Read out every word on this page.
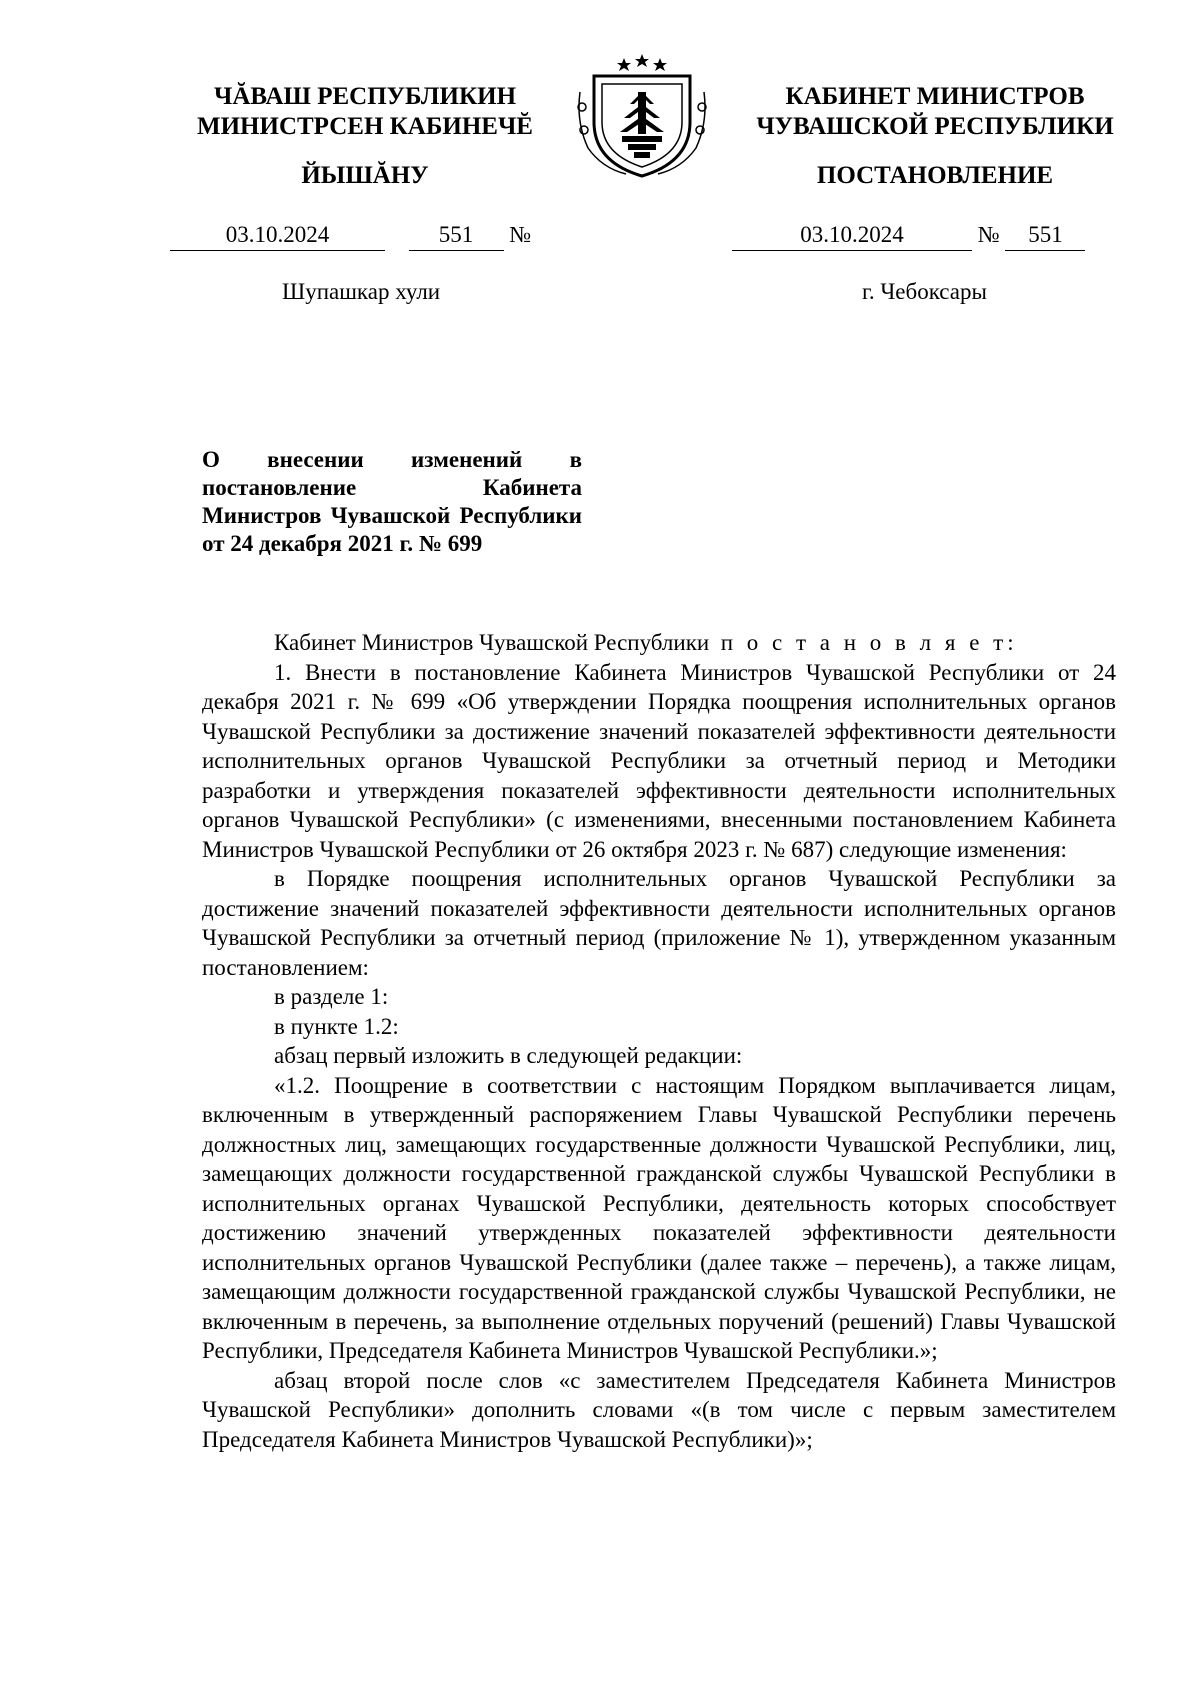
ЧĂВАШ РЕСПУБЛИКИН
МИНИСТРСЕН КАБИНЕЧĔ
ЙЫШĂНУ
КАБИНЕТ МИНИСТРОВ
ЧУВАШСКОЙ РЕСПУБЛИКИ
ПОСТАНОВЛЕНИЕ
03.10.2024	551 №	03.10.2024	№ 551
Шупашкар хули	г. Чебоксары
О внесении изменений в постановление Кабинета Министров Чувашской Республики от 24 декабря 2021 г. № 699

Кабинет Министров Чувашской Республики п о с т а н о в л я е т:

1. Внести в постановление Кабинета Министров Чувашской Республики от 24 декабря 2021 г. № 699 «Об утверждении Порядка поощрения исполнительных органов Чувашской Республики за достижение значений показателей эффективности деятельности исполнительных органов Чувашской Республики за отчетный период и Методики разработки и утверждения показателей эффективности деятельности исполнительных органов Чувашской Республики» (с изменениями, внесенными постановлением Кабинета Министров Чувашской Республики от 26 октября 2023 г. № 687) следующие изменения:

в Порядке поощрения исполнительных органов Чувашской Республики за достижение значений показателей эффективности деятельности исполнительных органов Чувашской Республики за отчетный период (приложение № 1), утвержденном указанным постановлением:

в разделе 1:

в пункте 1.2:

абзац первый изложить в следующей редакции:

«1.2. Поощрение в соответствии с настоящим Порядком выплачивается лицам, включенным в утвержденный распоряжением Главы Чувашской Республики перечень должностных лиц, замещающих государственные должности Чувашской Республики, лиц, замещающих должности государственной гражданской службы Чувашской Республики в исполнительных органах Чувашской Республики, деятельность которых способствует достижению значений утвержденных показателей эффективности деятельности исполнительных органов Чувашской Республики (далее также – перечень), а также лицам, замещающим должности государственной гражданской службы Чувашской Республики, не включенным в перечень, за выполнение отдельных поручений (решений) Главы Чувашской Республики, Председателя Кабинета Министров Чувашской Республики.»;

абзац второй после слов «с заместителем Председателя Кабинета Министров Чувашской Республики» дополнить словами «(в том числе с первым заместителем Председателя Кабинета Министров Чувашской Республики)»;
